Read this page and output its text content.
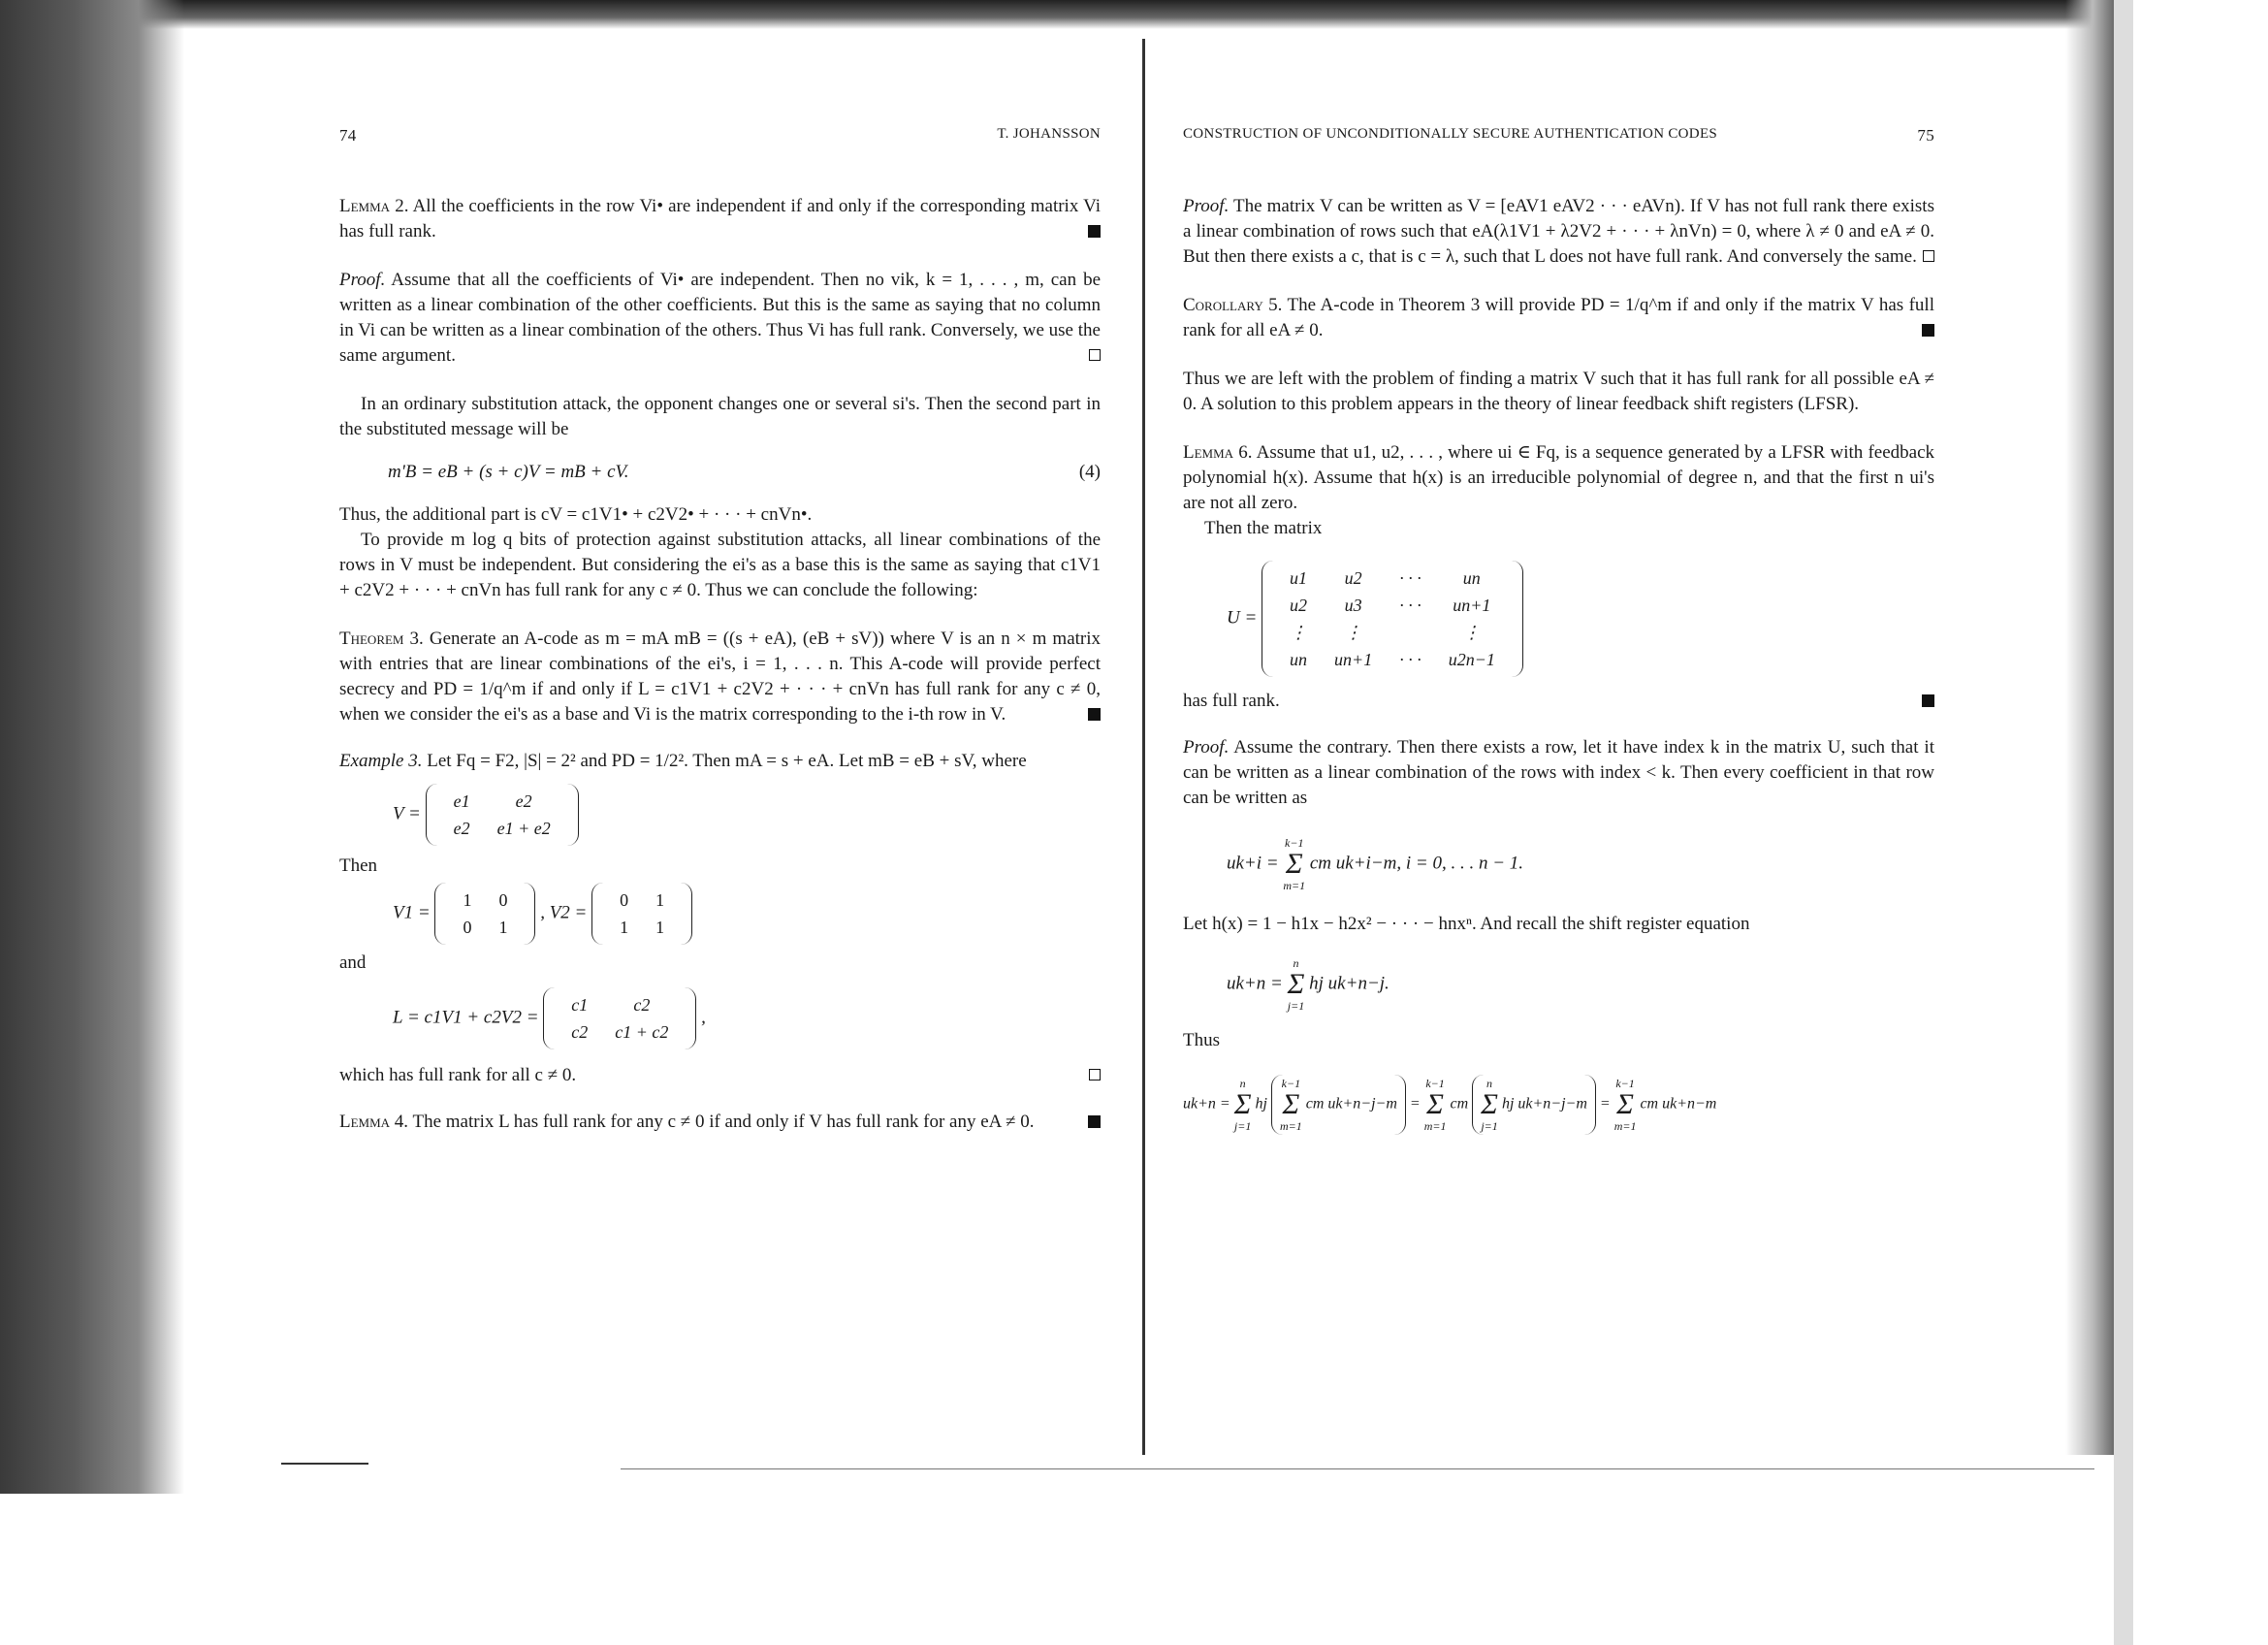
74	T. JOHANSSON

Lemma 2. All the coefficients in the row Vi• are independent if and only if the corresponding matrix Vi has full rank.

Proof. Assume that all the coefficients of Vi• are independent. Then no vik, k = 1, . . . , m, can be written as a linear combination of the other coefficients. But this is the same as saying that no column in Vi can be written as a linear combination of the others. Thus Vi has full rank. Conversely, we use the same argument.

In an ordinary substitution attack, the opponent changes one or several si's. Then the second part in the substituted message will be

m'B = eB + (s + c)V = mB + cV.	(4)

Thus, the additional part is cV = c1V1• + c2V2• + · · · + cnVn•.

To provide m log q bits of protection against substitution attacks, all linear combinations of the rows in V must be independent. But considering the ei's as a base this is the same as saying that c1V1 + c2V2 + · · · + cnVn has full rank for any c ≠ 0. Thus we can conclude the following:

Theorem 3. Generate an A-code as m = mA mB = ((s + eA), (eB + sV)) where V is an n × m matrix with entries that are linear combinations of the ei's, i = 1, . . . n. This A-code will provide perfect secrecy and PD = 1/q^m if and only if L = c1V1 + c2V2 + · · · + cnVn has full rank for any c ≠ 0, when we consider the ei's as a base and Vi is the matrix corresponding to the i-th row in V.

Example 3. Let Fq = F2, |S| = 2² and PD = 1/2². Then mA = s + eA. Let mB = eB + sV, where

V =
e1	e2
e2	e1 + e2

Then

V1 =
1	0
0	1
, V2 =
0	1
1	1

and

L = c1V1 + c2V2 =
c1	c2
c2	c1 + c2
,

which has full rank for all c ≠ 0.

Lemma 4. The matrix L has full rank for any c ≠ 0 if and only if V has full rank for any eA ≠ 0.

CONSTRUCTION OF UNCONDITIONALLY SECURE AUTHENTICATION CODES	75

Proof. The matrix V can be written as V = [eAV1 eAV2 · · · eAVn). If V has not full rank there exists a linear combination of rows such that eA(λ1V1 + λ2V2 + · · · + λnVn) = 0, where λ ≠ 0 and eA ≠ 0. But then there exists a c, that is c = λ, such that L does not have full rank. And conversely the same.

Corollary 5. The A-code in Theorem 3 will provide PD = 1/q^m if and only if the matrix V has full rank for all eA ≠ 0.

Thus we are left with the problem of finding a matrix V such that it has full rank for all possible eA ≠ 0. A solution to this problem appears in the theory of linear feedback shift registers (LFSR).

Lemma 6. Assume that u1, u2, . . . , where ui ∈ Fq, is a sequence generated by a LFSR with feedback polynomial h(x). Assume that h(x) is an irreducible polynomial of degree n, and that the first n ui's are not all zero.

Then the matrix

U =
u1	u2	· · ·	un
u2	u3	· · ·	un+1
⋮	⋮		⋮
un	un+1	· · ·	u2n−1

has full rank.

Proof. Assume the contrary. Then there exists a row, let it have index k in the matrix U, such that it can be written as a linear combination of the rows with index < k. Then every coefficient in that row can be written as

uk+i =
k−1
Σ
m=1
cm uk+i−m, i = 0, . . . n − 1.

Let h(x) = 1 − h1x − h2x² − · · · − hnxⁿ. And recall the shift register equation

uk+n =
n
Σ
j=1
hj uk+n−j.

Thus

uk+n =
n
Σ
j=1
hj
k−1
Σ
m=1
cm uk+n−j−m =
k−1
Σ
m=1
cm
n
Σ
j=1
hj uk+n−j−m =
k−1
Σ
m=1
cm uk+n−m
